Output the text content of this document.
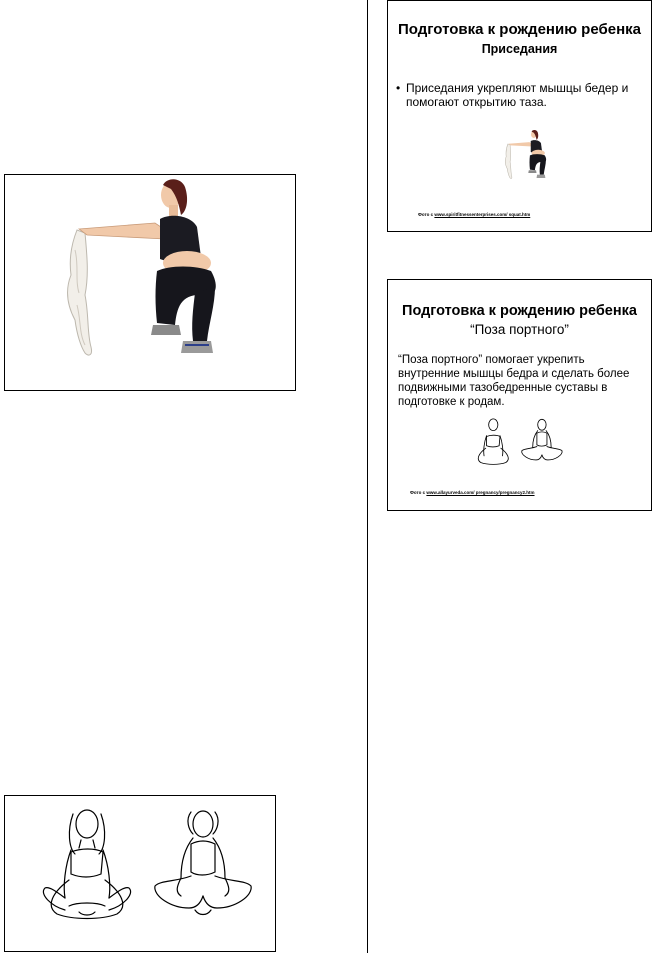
Подготовка к рождению ребенка
Приседания
• Приседания укрепляют мышцы бедер и помогают открытию таза.
Фото с www.spiritfitnessenterprises.com/ squat.htm
Подготовка к рождению ребенка
“Поза портного”
“Поза портного” помогает укрепить внутренние мышцы бедра и сделать более подвижными тазобедренные суставы в подготовке к родам.
Фото с www.allayurveda.com/ pregnancy/pregnancy2.htm
